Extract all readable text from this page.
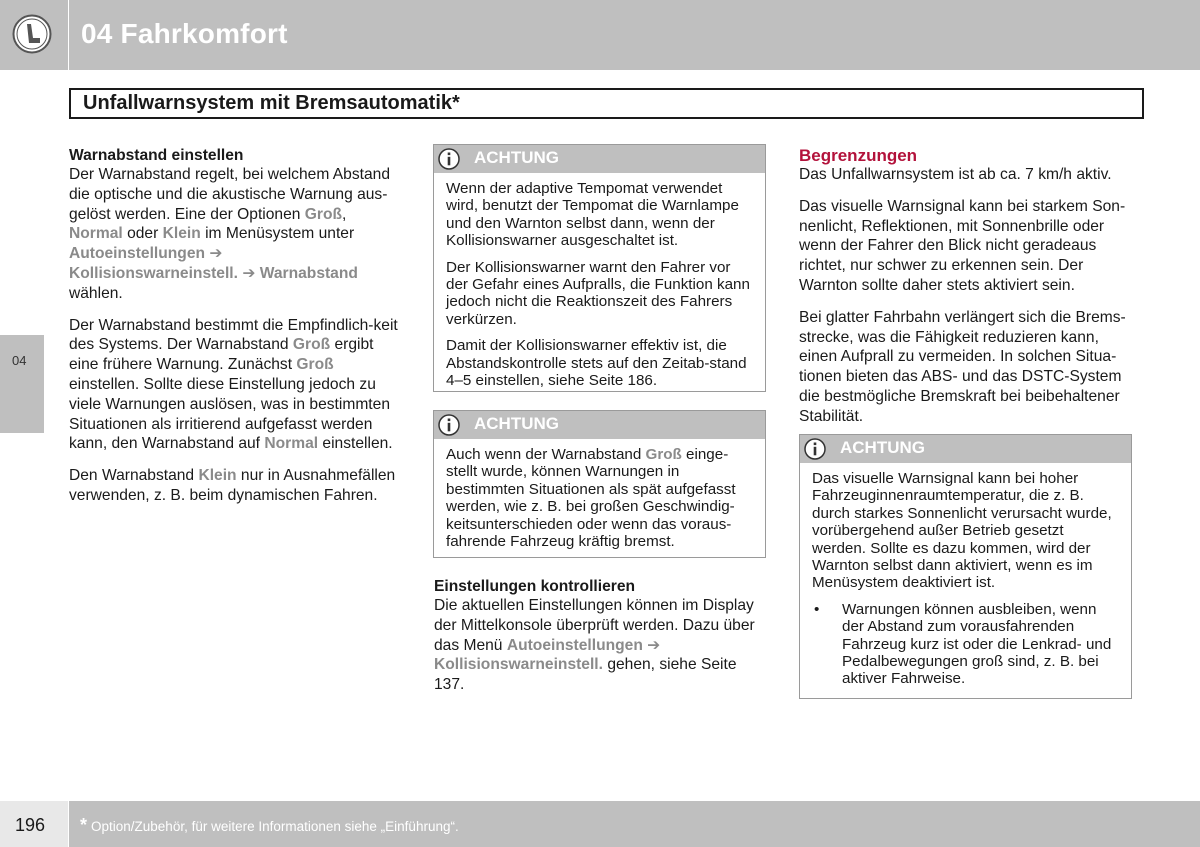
04 Fahrkomfort
Unfallwarnsystem mit Bremsautomatik*
04
Warnabstand einstellen

Der Warnabstand regelt, bei welchem Abstand die optische und die akustische Warnung aus-gelöst werden. Eine der Optionen Groß, Normal oder Klein im Menüsystem unter Autoeinstellungen ➔
Kollisionswarneinstell. ➔ Warnabstand
wählen.

Der Warnabstand bestimmt die Empfindlich-keit des Systems. Der Warnabstand Groß ergibt eine frühere Warnung. Zunächst Groß einstellen. Sollte diese Einstellung jedoch zu viele Warnungen auslösen, was in bestimmten Situationen als irritierend aufgefasst werden kann, den Warnabstand auf Normal einstellen.

Den Warnabstand Klein nur in Ausnahmefällen verwenden, z. B. beim dynamischen Fahren.

ACHTUNG

Wenn der adaptive Tempomat verwendet wird, benutzt der Tempomat die Warnlampe und den Warnton selbst dann, wenn der Kollisionswarner ausgeschaltet ist.

Der Kollisionswarner warnt den Fahrer vor der Gefahr eines Aufpralls, die Funktion kann jedoch nicht die Reaktionszeit des Fahrers verkürzen.

Damit der Kollisionswarner effektiv ist, die Abstandskontrolle stets auf den Zeitab-stand 4–5 einstellen, siehe Seite 186.

ACHTUNG

Auch wenn der Warnabstand Groß einge-stellt wurde, können Warnungen in bestimmten Situationen als spät aufgefasst werden, wie z. B. bei großen Geschwindig-keitsunterschieden oder wenn das voraus-fahrende Fahrzeug kräftig bremst.

Einstellungen kontrollieren

Die aktuellen Einstellungen können im Display der Mittelkonsole überprüft werden. Dazu über das Menü Autoeinstellungen ➔
Kollisionswarneinstell. gehen, siehe Seite 137.

Begrenzungen

Das Unfallwarnsystem ist ab ca. 7 km/h aktiv.

Das visuelle Warnsignal kann bei starkem Son-nenlicht, Reflektionen, mit Sonnenbrille oder wenn der Fahrer den Blick nicht geradeaus richtet, nur schwer zu erkennen sein. Der Warnton sollte daher stets aktiviert sein.

Bei glatter Fahrbahn verlängert sich die Brems-strecke, was die Fähigkeit reduzieren kann, einen Aufprall zu vermeiden. In solchen Situa-tionen bieten das ABS- und das DSTC-System die bestmögliche Bremskraft bei beibehaltener Stabilität.

ACHTUNG

Das visuelle Warnsignal kann bei hoher Fahrzeuginnenraumtemperatur, die z. B. durch starkes Sonnenlicht verursacht wurde, vorübergehend außer Betrieb gesetzt werden. Sollte es dazu kommen, wird der Warnton selbst dann aktiviert, wenn es im Menüsystem deaktiviert ist.

•	Warnungen können ausbleiben, wenn der Abstand zum vorausfahrenden Fahrzeug kurz ist oder die Lenkrad- und Pedalbewegungen groß sind, z. B. bei aktiver Fahrweise.
196 * Option/Zubehör, für weitere Informationen siehe „Einführung“.
